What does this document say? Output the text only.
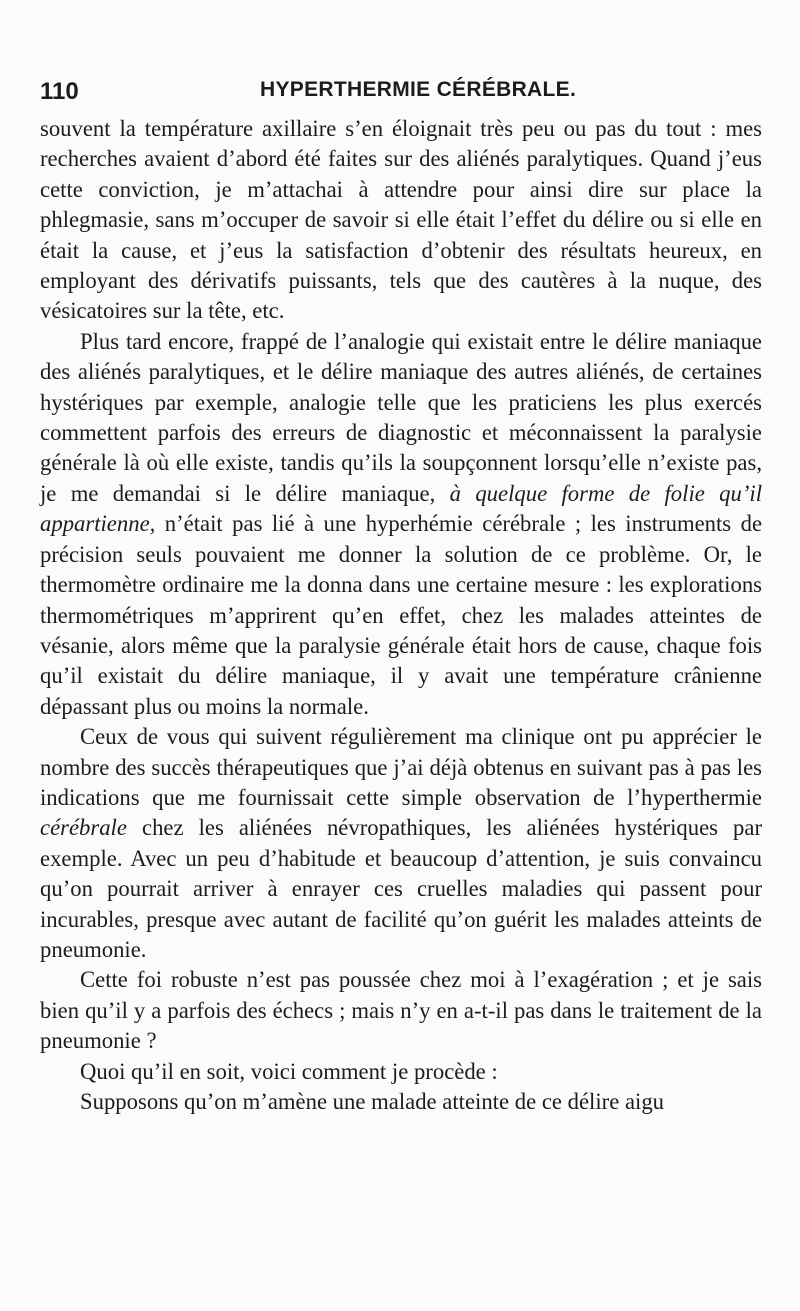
110	HYPERTHERMIE CÉRÉBRALE.

souvent la température axillaire s’en éloignait très peu ou pas du tout : mes recherches avaient d’abord été faites sur des aliénés paralytiques. Quand j’eus cette conviction, je m’attachai à attendre pour ainsi dire sur place la phlegmasie, sans m’occuper de savoir si elle était l’effet du délire ou si elle en était la cause, et j’eus la satisfaction d’obtenir des résultats heureux, en employant des dérivatifs puissants, tels que des cautères à la nuque, des vésicatoires sur la tête, etc.

Plus tard encore, frappé de l’analogie qui existait entre le délire maniaque des aliénés paralytiques, et le délire maniaque des autres aliénés, de certaines hystériques par exemple, analogie telle que les praticiens les plus exercés commettent parfois des erreurs de diagnostic et méconnaissent la paralysie générale là où elle existe, tandis qu’ils la soupçonnent lorsqu’elle n’existe pas, je me demandai si le délire maniaque, à quelque forme de folie qu’il appartienne, n’était pas lié à une hyperhémie cérébrale ; les instruments de précision seuls pouvaient me donner la solution de ce problème. Or, le thermomètre ordinaire me la donna dans une certaine mesure : les explorations thermométriques m’apprirent qu’en effet, chez les malades atteintes de vésanie, alors même que la paralysie générale était hors de cause, chaque fois qu’il existait du délire maniaque, il y avait une température crânienne dépassant plus ou moins la normale.

Ceux de vous qui suivent régulièrement ma clinique ont pu apprécier le nombre des succès thérapeutiques que j’ai déjà obtenus en suivant pas à pas les indications que me fournissait cette simple observation de l’hyperthermie cérébrale chez les aliénées névropathiques, les aliénées hystériques par exemple. Avec un peu d’habitude et beaucoup d’attention, je suis convaincu qu’on pourrait arriver à enrayer ces cruelles maladies qui passent pour incurables, presque avec autant de facilité qu’on guérit les malades atteints de pneumonie.

Cette foi robuste n’est pas poussée chez moi à l’exagération ; et je sais bien qu’il y a parfois des échecs ; mais n’y en a-t-il pas dans le traitement de la pneumonie ?

Quoi qu’il en soit, voici comment je procède :

Supposons qu’on m’amène une malade atteinte de ce délire aigu
